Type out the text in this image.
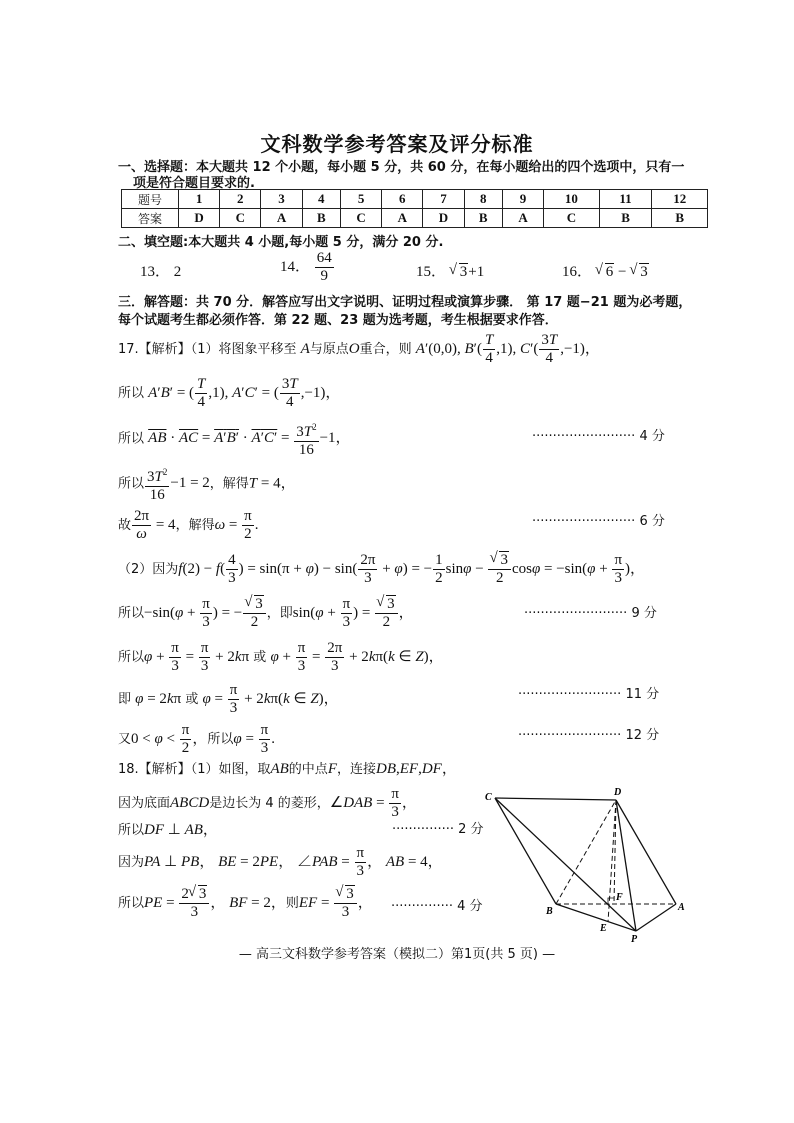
文科数学参考答案及评分标准
一、选择题：本大题共 12 个小题，每小题 5 分，共 60 分，在每小题给出的四个选项中，只有一
项是符合题目要求的.
题号	1	2	3	4	5	6	7	8	9	10	11	12
答案	D	C	A	B	C	A	D	B	A	C	B	B
二、填空题:本大题共 4 小题,每小题 5 分，满分 20 分.
13． 2	14． $\frac{64}{9}$	15． √ 3+1	16． √ 6 − √ 3
三．解答题：共 70 分．解答应写出文字说明、证明过程或演算步骤． 第 17 题−21 题为必考题，
每个试题考生都必须作答．第 22 题、23 题为选考题，考生根据要求作答．
17.【解析】（1）将图象平移至 A与原点O重合，则 A′(0,0), $B'( \frac{T}{4} ,1)$, $C'( \frac{3T}{4} ,-1)$，
所以 A′B′ = ( $\frac{T}{4} ,1$), A′C′ = ( $\frac{3T}{4} ,-1$)，
所以 $\overline{AB} \cdot \overline{AC} = A'B' \cdot A'C' = \frac{3T^2}{16} -1$，	························· 4 分
所以 $\frac{3T^2}{16} -1 = 2$，解得T = 4，
故 $\frac{2\pi}{\omega} = 4$，解得$\omega = \frac{\pi}{2}$ .	························· 6 分
（2）因为$f(2) - f( \frac{4}{3}$ ) = $\sin(\pi + \varphi) - \sin( \frac{2\pi}{3} + \varphi)$ = − $\frac{1}{2}$ sinφ − √ $\frac{3}{2}$ $\cos\varphi = -\sin(\varphi + \frac{\pi}{3}$ )，
所以$-\sin(\varphi + \frac{\pi}{3}$ ) = − √ $\frac{3}{2}$ ，即$\sin(\varphi + \frac{\pi}{3}$ ) = √ $\frac{3}{2}$ ，	························· 9 分
所以$\varphi + \frac{\pi}{3} = \frac{\pi}{3} + 2k\pi$ 或 $\varphi + \frac{\pi}{3} = \frac{2\pi}{3} + 2k\pi(k$ ∈ Z)，
即 φ = 2kπ 或 $\varphi = \frac{\pi}{3} + 2k\pi(k$ ∈ Z)，	························· 11 分
又$0 < \varphi < \frac{\pi}{2}$ ，所以$\varphi = \frac{\pi}{3}$ .	························· 12 分
18.【解析】（1）如图，取AB的中点F，连接DB,EF,DF，
因为底面ABCD是边长为 4 的菱形，∠DAB = $\frac{\pi}{3}$ ，
所以DF ⊥ AB，	··············· 2 分
因为PA ⊥ PB， BE = 2PE， ∠PAB = $\frac{\pi}{3}$ ， AB = 4，
所以PE = $\frac{2 √ 3}{3}$ ， BF = 2，则EF = √ $\frac{3}{3}$ ， ··············· 4 分
C	D
B	A
F
E
P
— 高三文科数学参考答案（模拟二）第1页(共 5 页) —
